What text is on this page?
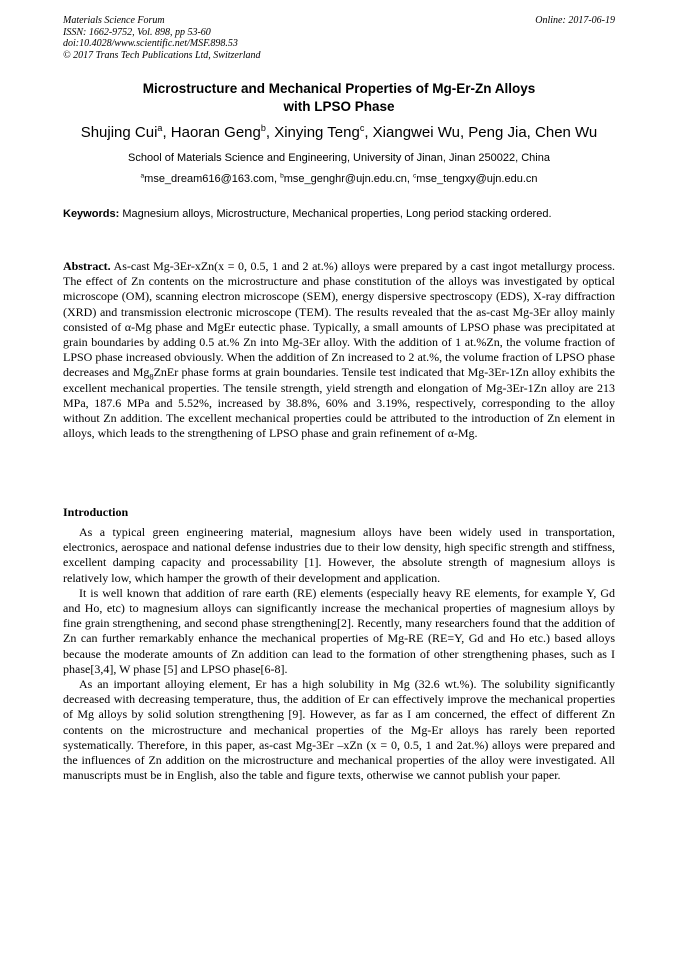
Materials Science Forum
ISSN: 1662-9752, Vol. 898, pp 53-60
doi:10.4028/www.scientific.net/MSF.898.53
© 2017 Trans Tech Publications Ltd, Switzerland
Online: 2017-06-19
Microstructure and Mechanical Properties of Mg-Er-Zn Alloys
with LPSO Phase
Shujing Cui$^a$, Haoran Geng$^b$, Xinying Teng$^c$, Xiangwei Wu, Peng Jia, Chen Wu
School of Materials Science and Engineering, University of Jinan, Jinan 250022, China
$^a$mse_dream616@163.com, $^b$mse_genghr@ujn.edu.cn, $^c$mse_tengxy@ujn.edu.cn
Keywords: Magnesium alloys, Microstructure, Mechanical properties, Long period stacking ordered.
Abstract. As-cast Mg-3Er-xZn(x = 0, 0.5, 1 and 2 at.%) alloys were prepared by a cast ingot metallurgy process. The effect of Zn contents on the microstructure and phase constitution of the alloys was investigated by optical microscope (OM), scanning electron microscope (SEM), energy dispersive spectroscopy (EDS), X-ray diffraction (XRD) and transmission electronic microscope (TEM). The results revealed that the as-cast Mg-3Er alloy mainly consisted of α-Mg phase and MgEr eutectic phase. Typically, a small amounts of LPSO phase was precipitated at grain boundaries by adding 0.5 at.% Zn into Mg-3Er alloy. With the addition of 1 at.%Zn, the volume fraction of LPSO phase increased obviously. When the addition of Zn increased to 2 at.%, the volume fraction of LPSO phase decreases and $Mg_8ZnEr$ phase forms at grain boundaries. Tensile test indicated that Mg-3Er-1Zn alloy exhibits the excellent mechanical properties. The tensile strength, yield strength and elongation of Mg-3Er-1Zn alloy are 213 MPa, 187.6 MPa and 5.52%, increased by 38.8%, 60% and 3.19%, respectively, corresponding to the alloy without Zn addition. The excellent mechanical properties could be attributed to the introduction of Zn element in alloys, which leads to the strengthening of LPSO phase and grain refinement of α-Mg.
Introduction

As a typical green engineering material, magnesium alloys have been widely used in transportation, electronics, aerospace and national defense industries due to their low density, high specific strength and stiffness, excellent damping capacity and processability [1]. However, the absolute strength of magnesium alloys is relatively low, which hamper the growth of their development and application.

It is well known that addition of rare earth (RE) elements (especially heavy RE elements, for example Y, Gd and Ho, etc) to magnesium alloys can significantly increase the mechanical properties of magnesium alloys by fine grain strengthening, and second phase strengthening[2]. Recently, many researchers found that the addition of Zn can further remarkably enhance the mechanical properties of Mg-RE (RE=Y, Gd and Ho etc.) based alloys because the moderate amounts of Zn addition can lead to the formation of other strengthening phases, such as I phase[3,4], W phase [5] and LPSO phase[6-8].

As an important alloying element, Er has a high solubility in Mg (32.6 wt.%). The solubility significantly decreased with decreasing temperature, thus, the addition of Er can effectively improve the mechanical properties of Mg alloys by solid solution strengthening [9]. However, as far as I am concerned, the effect of different Zn contents on the microstructure and mechanical properties of the Mg-Er alloys has rarely been reported systematically. Therefore, in this paper, as-cast Mg-3Er –xZn (x = 0, 0.5, 1 and 2at.%) alloys were prepared and the influences of Zn addition on the microstructure and mechanical properties of the alloy were investigated. All manuscripts must be in English, also the table and figure texts, otherwise we cannot publish your paper.
